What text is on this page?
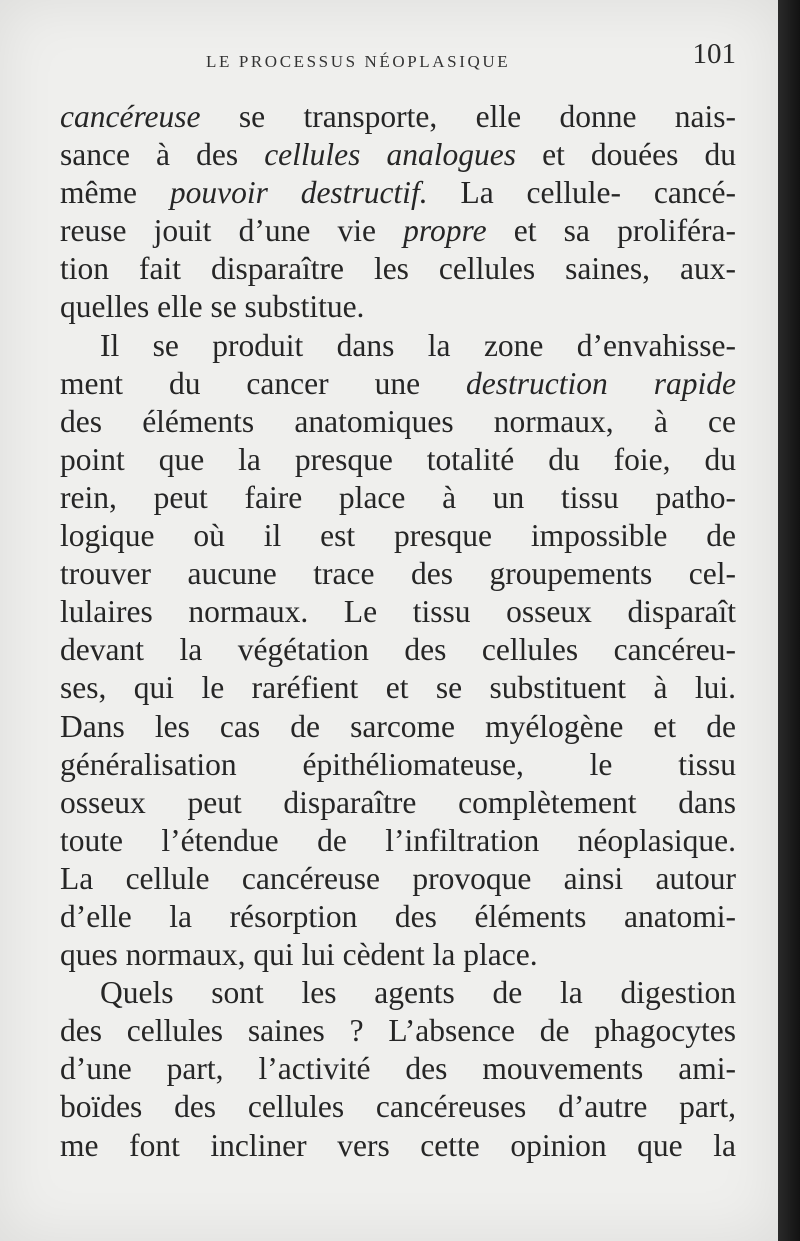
LE PROCESSUS NÉOPLASIQUE	101
cancéreuse se transporte, elle donne nais-
sance à des cellules analogues et douées du
même pouvoir destructif. La cellule- cancé-
reuse jouit d’une vie propre et sa proliféra-
tion fait disparaître les cellules saines, aux-
quelles elle se substitue.
Il se produit dans la zone d’envahisse-
ment du cancer une destruction rapide
des éléments anatomiques normaux, à ce
point que la presque totalité du foie, du
rein, peut faire place à un tissu patho-
logique où il est presque impossible de
trouver aucune trace des groupements cel-
lulaires normaux. Le tissu osseux disparaît
devant la végétation des cellules cancéreu-
ses, qui le raréfient et se substituent à lui.
Dans les cas de sarcome myélogène et de
généralisation épithéliomateuse, le tissu
osseux peut disparaître complètement dans
toute l’étendue de l’infiltration néoplasique.
La cellule cancéreuse provoque ainsi autour
d’elle la résorption des éléments anatomi-
ques normaux, qui lui cèdent la place.
Quels sont les agents de la digestion
des cellules saines ? L’absence de phagocytes
d’une part, l’activité des mouvements ami-
boïdes des cellules cancéreuses d’autre part,
me font incliner vers cette opinion que la
